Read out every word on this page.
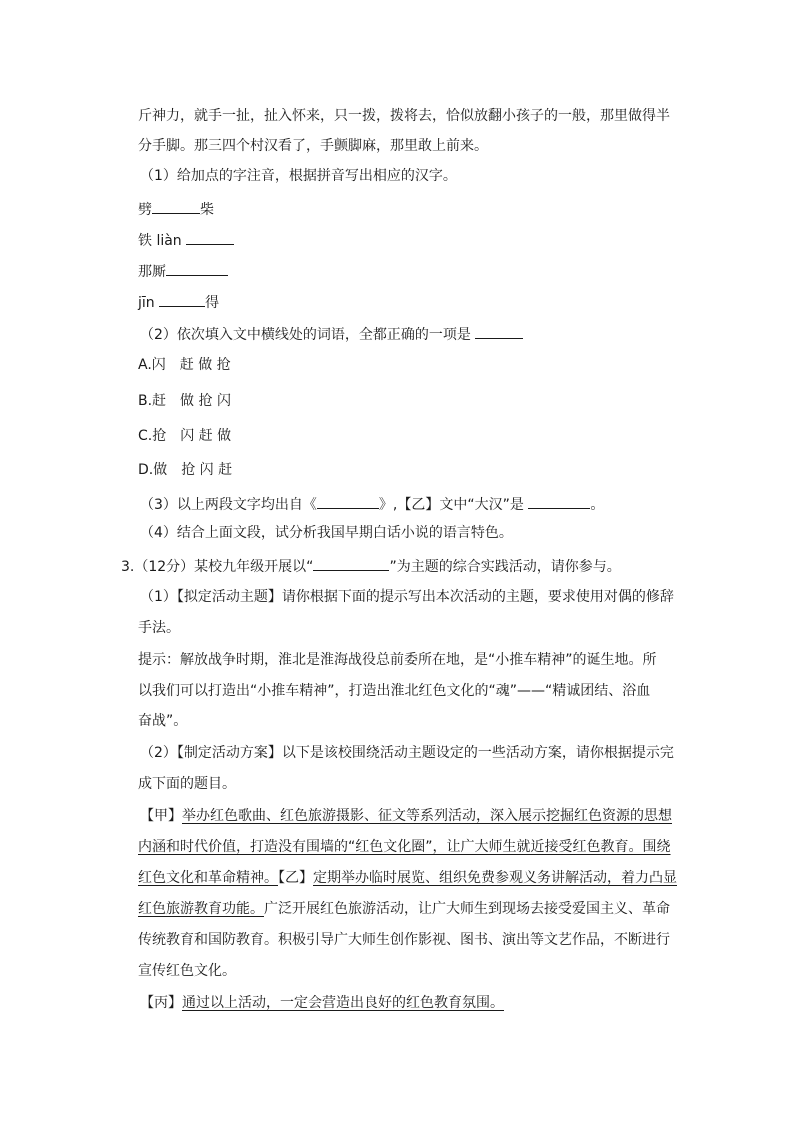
斤神力，就手一扯，扯入怀来，只一拨，拨将去，恰似放翻小孩子的一般，那里做得半
分手脚。那三四个村汉看了，手颤脚麻，那里敢上前来。
（1）给加点的字注音，根据拼音写出相应的汉字。
劈	柴
铁 liàn
那厮
jīn	得
（2）依次填入文中横线处的词语，全都正确的一项是
A.闪　赶 做 抢
B.赶　做 抢 闪
C.抢　闪 赶 做
D.做　抢 闪 赶
（3）以上两段文字均出自《	》,【乙】文中“大汉”是	。
（4）结合上面文段，试分析我国早期白话小说的语言特色。
3.（12分）某校九年级开展以“	”为主题的综合实践活动，请你参与。
（1）【拟定活动主题】请你根据下面的提示写出本次活动的主题，要求使用对偶的修辞
手法。
提示：解放战争时期，淮北是淮海战役总前委所在地，是“小推车精神”的诞生地。所
以我们可以打造出“小推车精神”，打造出淮北红色文化的“魂”——“精诚团结、浴血
奋战”。
（2）【制定活动方案】以下是该校围绕活动主题设定的一些活动方案，请你根据提示完
成下面的题目。
【甲】举办红色歌曲、红色旅游摄影、征文等系列活动，深入展示挖掘红色资源的思想
内涵和时代价值，打造没有围墙的“红色文化圈”，让广大师生就近接受红色教育。围绕
红色文化和革命精神。【乙】定期举办临时展览、组织免费参观义务讲解活动，着力凸显
红色旅游教育功能。广泛开展红色旅游活动，让广大师生到现场去接受爱国主义、革命
传统教育和国防教育。积极引导广大师生创作影视、图书、演出等文艺作品，不断进行
宣传红色文化。
【丙】通过以上活动，一定会营造出良好的红色教育氛围。
